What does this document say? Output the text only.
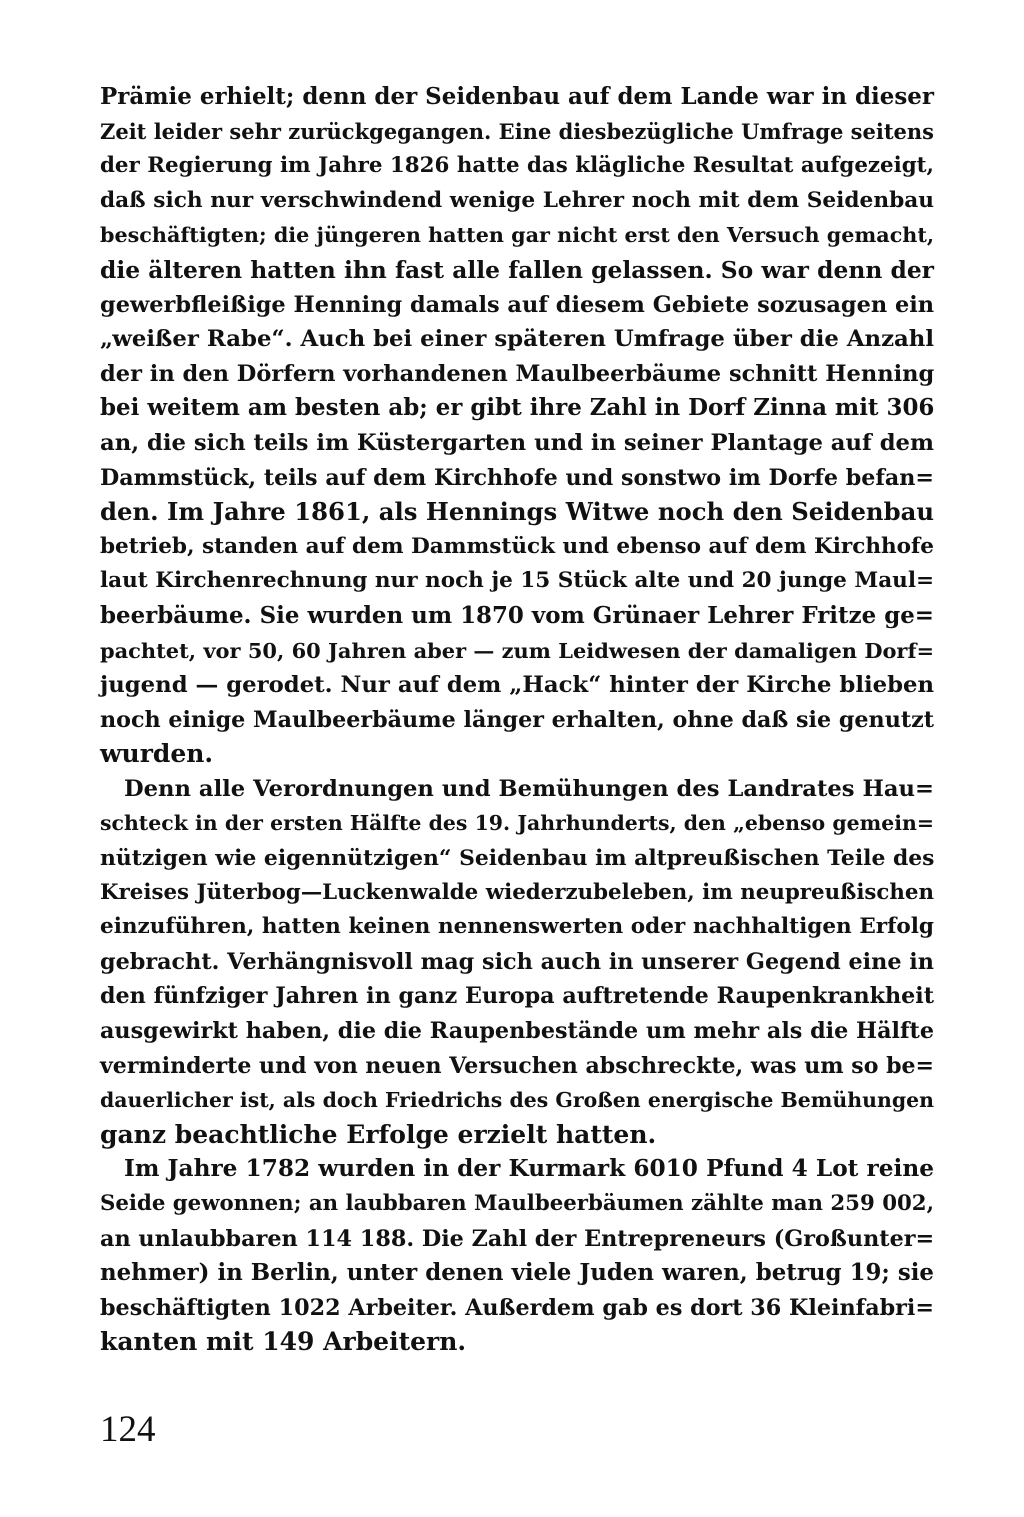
Prämie erhielt; denn der Seidenbau auf dem Lande war in dieser
Zeit leider sehr zurückgegangen. Eine diesbezügliche Umfrage seitens
der Regierung im Jahre 1826 hatte das klägliche Resultat aufgezeigt,
daß sich nur verschwindend wenige Lehrer noch mit dem Seidenbau
beschäftigten; die jüngeren hatten gar nicht erst den Versuch gemacht,
die älteren hatten ihn fast alle fallen gelassen. So war denn der
gewerbfleißige Henning damals auf diesem Gebiete sozusagen ein
„weißer Rabe“. Auch bei einer späteren Umfrage über die Anzahl
der in den Dörfern vorhandenen Maulbeerbäume schnitt Henning
bei weitem am besten ab; er gibt ihre Zahl in Dorf Zinna mit 306
an, die sich teils im Küstergarten und in seiner Plantage auf dem
Dammstück, teils auf dem Kirchhofe und sonstwo im Dorfe befan=
den. Im Jahre 1861, als Hennings Witwe noch den Seidenbau
betrieb, standen auf dem Dammstück und ebenso auf dem Kirchhofe
laut Kirchenrechnung nur noch je 15 Stück alte und 20 junge Maul=
beerbäume. Sie wurden um 1870 vom Grünaer Lehrer Fritze ge=
pachtet, vor 50, 60 Jahren aber — zum Leidwesen der damaligen Dorf=
jugend — gerodet. Nur auf dem „Hack“ hinter der Kirche blieben
noch einige Maulbeerbäume länger erhalten, ohne daß sie genutzt
wurden.

Denn alle Verordnungen und Bemühungen des Landrates Hau=
schteck in der ersten Hälfte des 19. Jahrhunderts, den „ebenso gemein=
nützigen wie eigennützigen“ Seidenbau im altpreußischen Teile des
Kreises Jüterbog—Luckenwalde wiederzubeleben, im neupreußischen
einzuführen, hatten keinen nennenswerten oder nachhaltigen Erfolg
gebracht. Verhängnisvoll mag sich auch in unserer Gegend eine in
den fünfziger Jahren in ganz Europa auftretende Raupenkrankheit
ausgewirkt haben, die die Raupenbestände um mehr als die Hälfte
verminderte und von neuen Versuchen abschreckte, was um so be=
dauerlicher ist, als doch Friedrichs des Großen energische Bemühungen
ganz beachtliche Erfolge erzielt hatten.

Im Jahre 1782 wurden in der Kurmark 6010 Pfund 4 Lot reine
Seide gewonnen; an laubbaren Maulbeerbäumen zählte man 259 002,
an unlaubbaren 114 188. Die Zahl der Entrepreneurs (Großunter=
nehmer) in Berlin, unter denen viele Juden waren, betrug 19; sie
beschäftigten 1022 Arbeiter. Außerdem gab es dort 36 Kleinfabri=
kanten mit 149 Arbeitern.

124
